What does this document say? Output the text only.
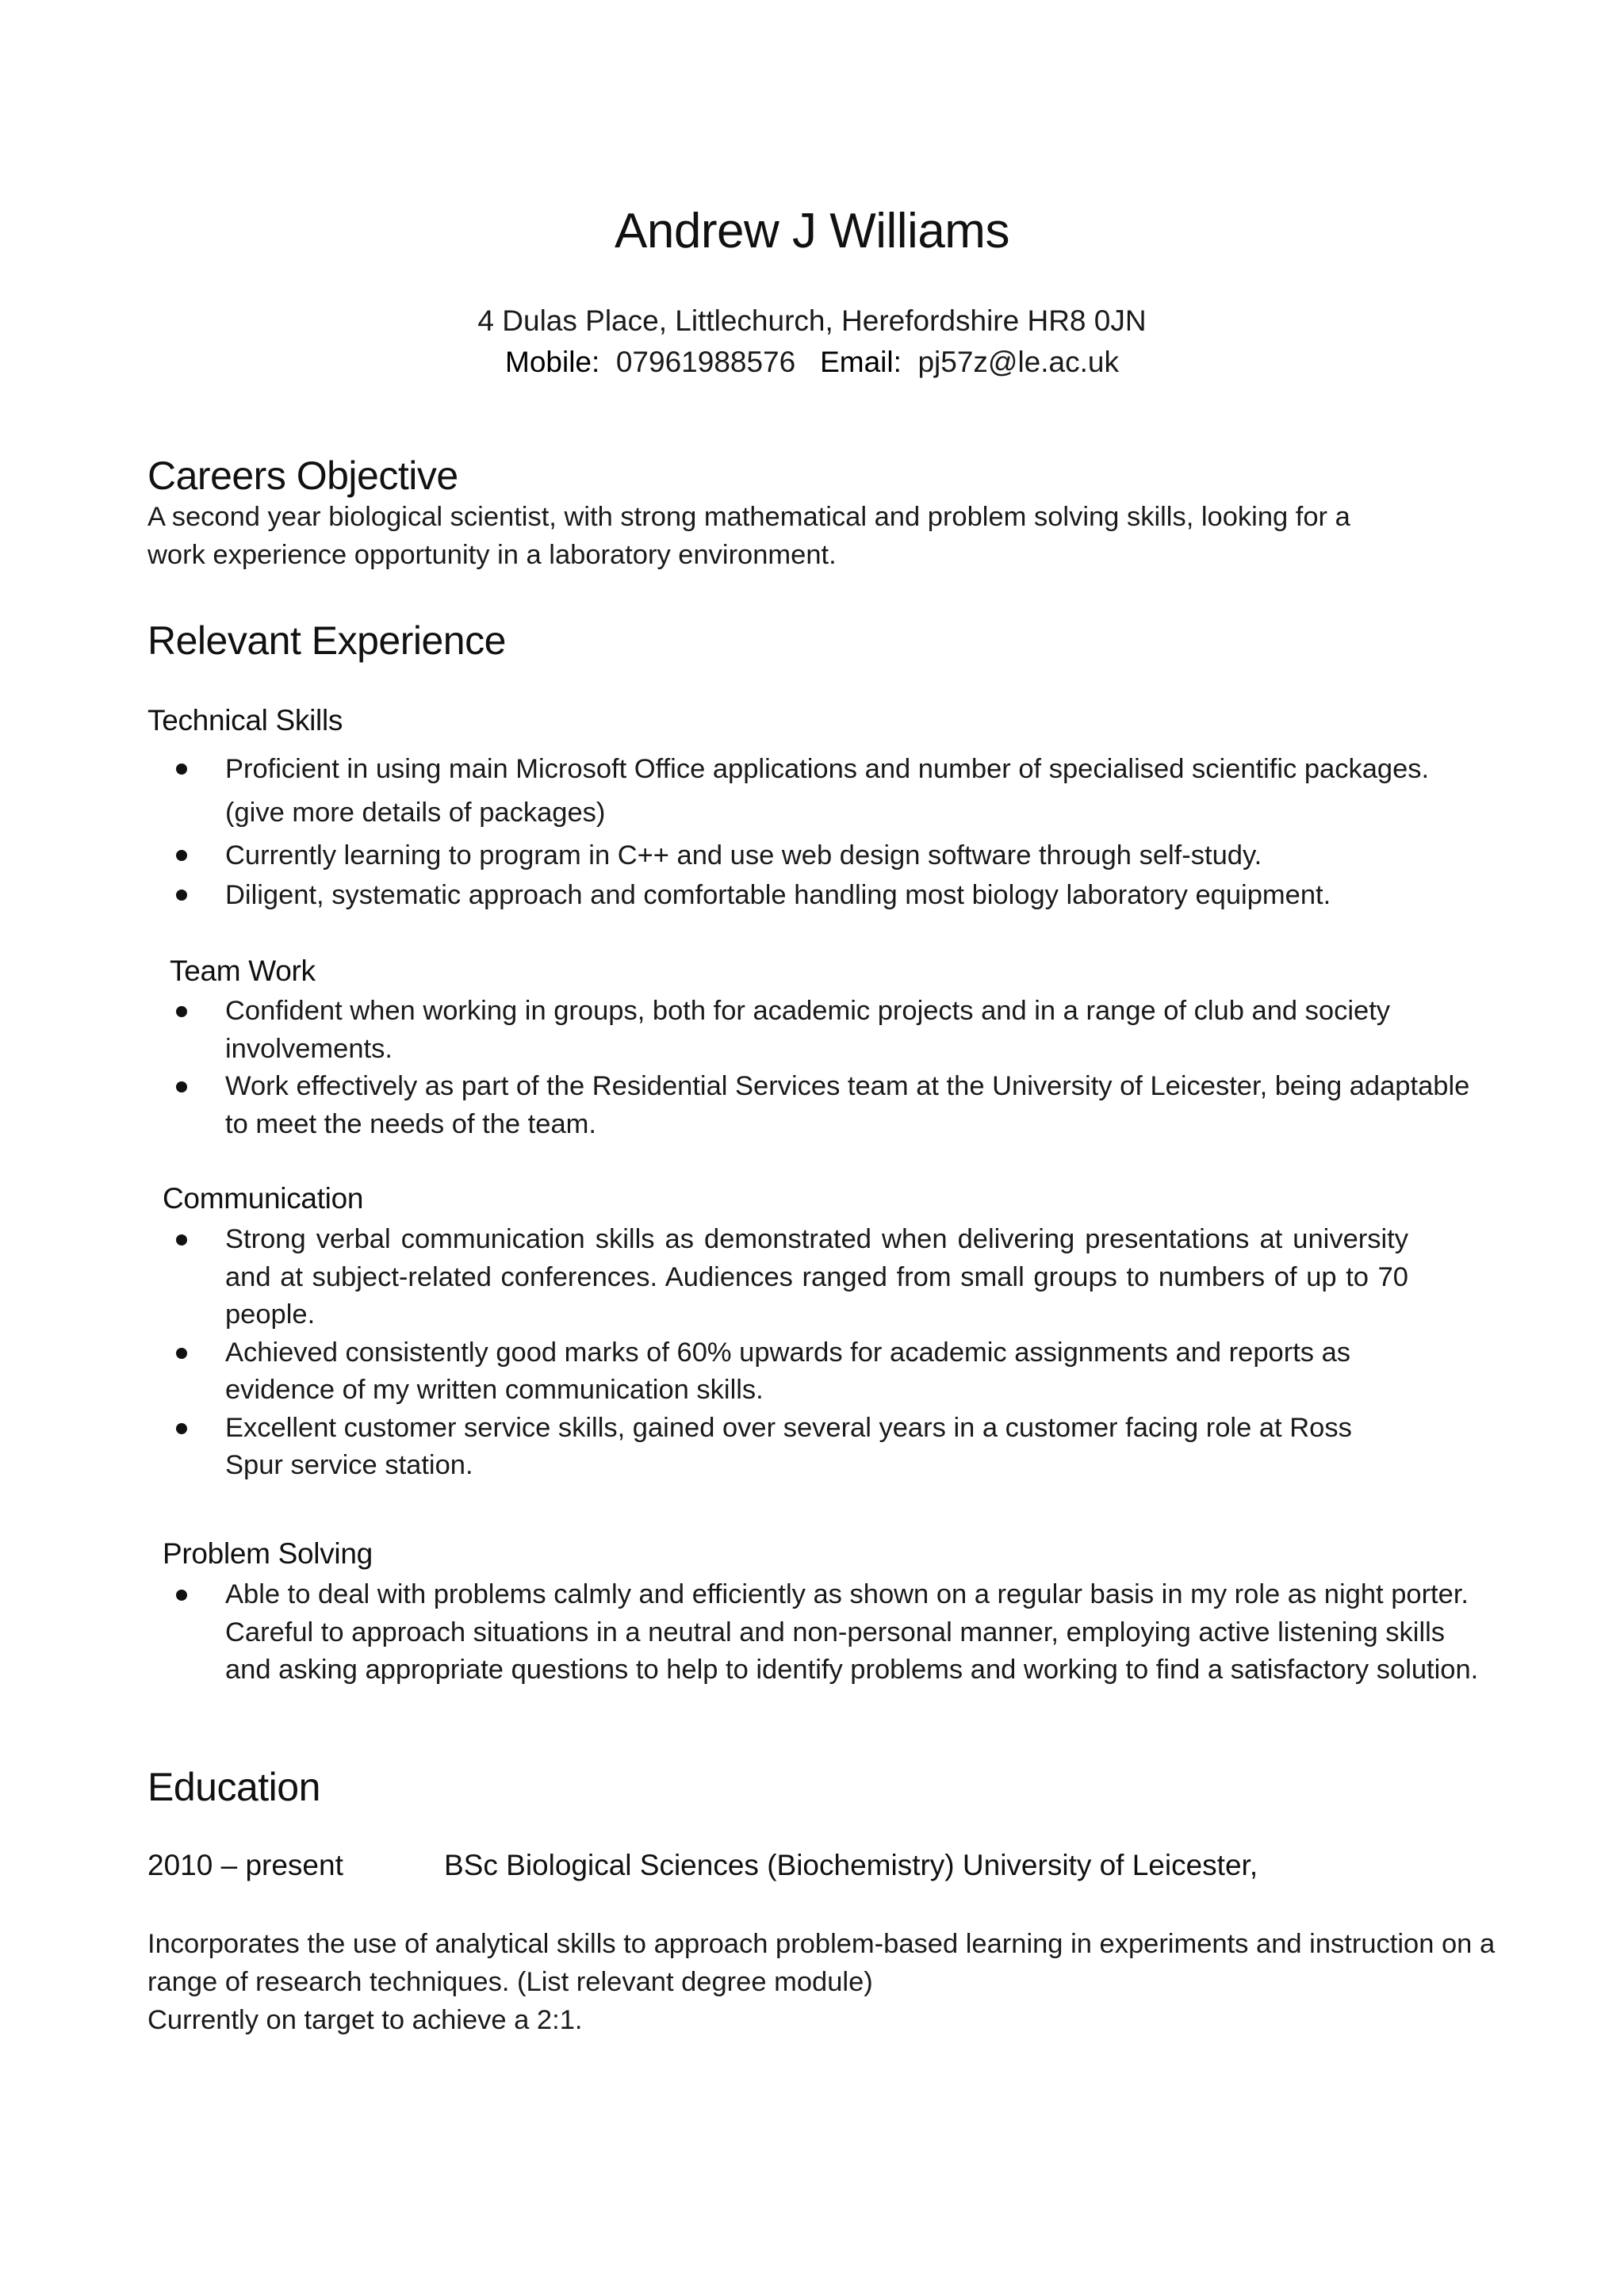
Andrew J Williams
4 Dulas Place, Littlechurch, Herefordshire HR8 0JN
Mobile: 07961988576 Email: pj57z@le.ac.uk
Careers Objective
A second year biological scientist, with strong mathematical and problem solving skills, looking for a work experience opportunity in a laboratory environment.
Relevant Experience
Technical Skills
Proficient in using main Microsoft Office applications and number of specialised scientific packages. (give more details of packages)
Currently learning to program in C++ and use web design software through self-study.
Diligent, systematic approach and comfortable handling most biology laboratory equipment.
Team Work
Confident when working in groups, both for academic projects and in a range of club and society involvements.
Work effectively as part of the Residential Services team at the University of Leicester, being adaptable to meet the needs of the team.
Communication
Strong verbal communication skills as demonstrated when delivering presentations at university and at subject-related conferences. Audiences ranged from small groups to numbers of up to 70 people.
Achieved consistently good marks of 60% upwards for academic assignments and reports as evidence of my written communication skills.
Excellent customer service skills, gained over several years in a customer facing role at Ross Spur service station.
Problem Solving
Able to deal with problems calmly and efficiently as shown on a regular basis in my role as night porter. Careful to approach situations in a neutral and non-personal manner, employing active listening skills and asking appropriate questions to help to identify problems and working to find a satisfactory solution.
Education
2010 – present	BSc Biological Sciences (Biochemistry) University of Leicester,
Incorporates the use of analytical skills to approach problem-based learning in experiments and instruction on a range of research techniques. (List relevant degree module)
Currently on target to achieve a 2:1.
